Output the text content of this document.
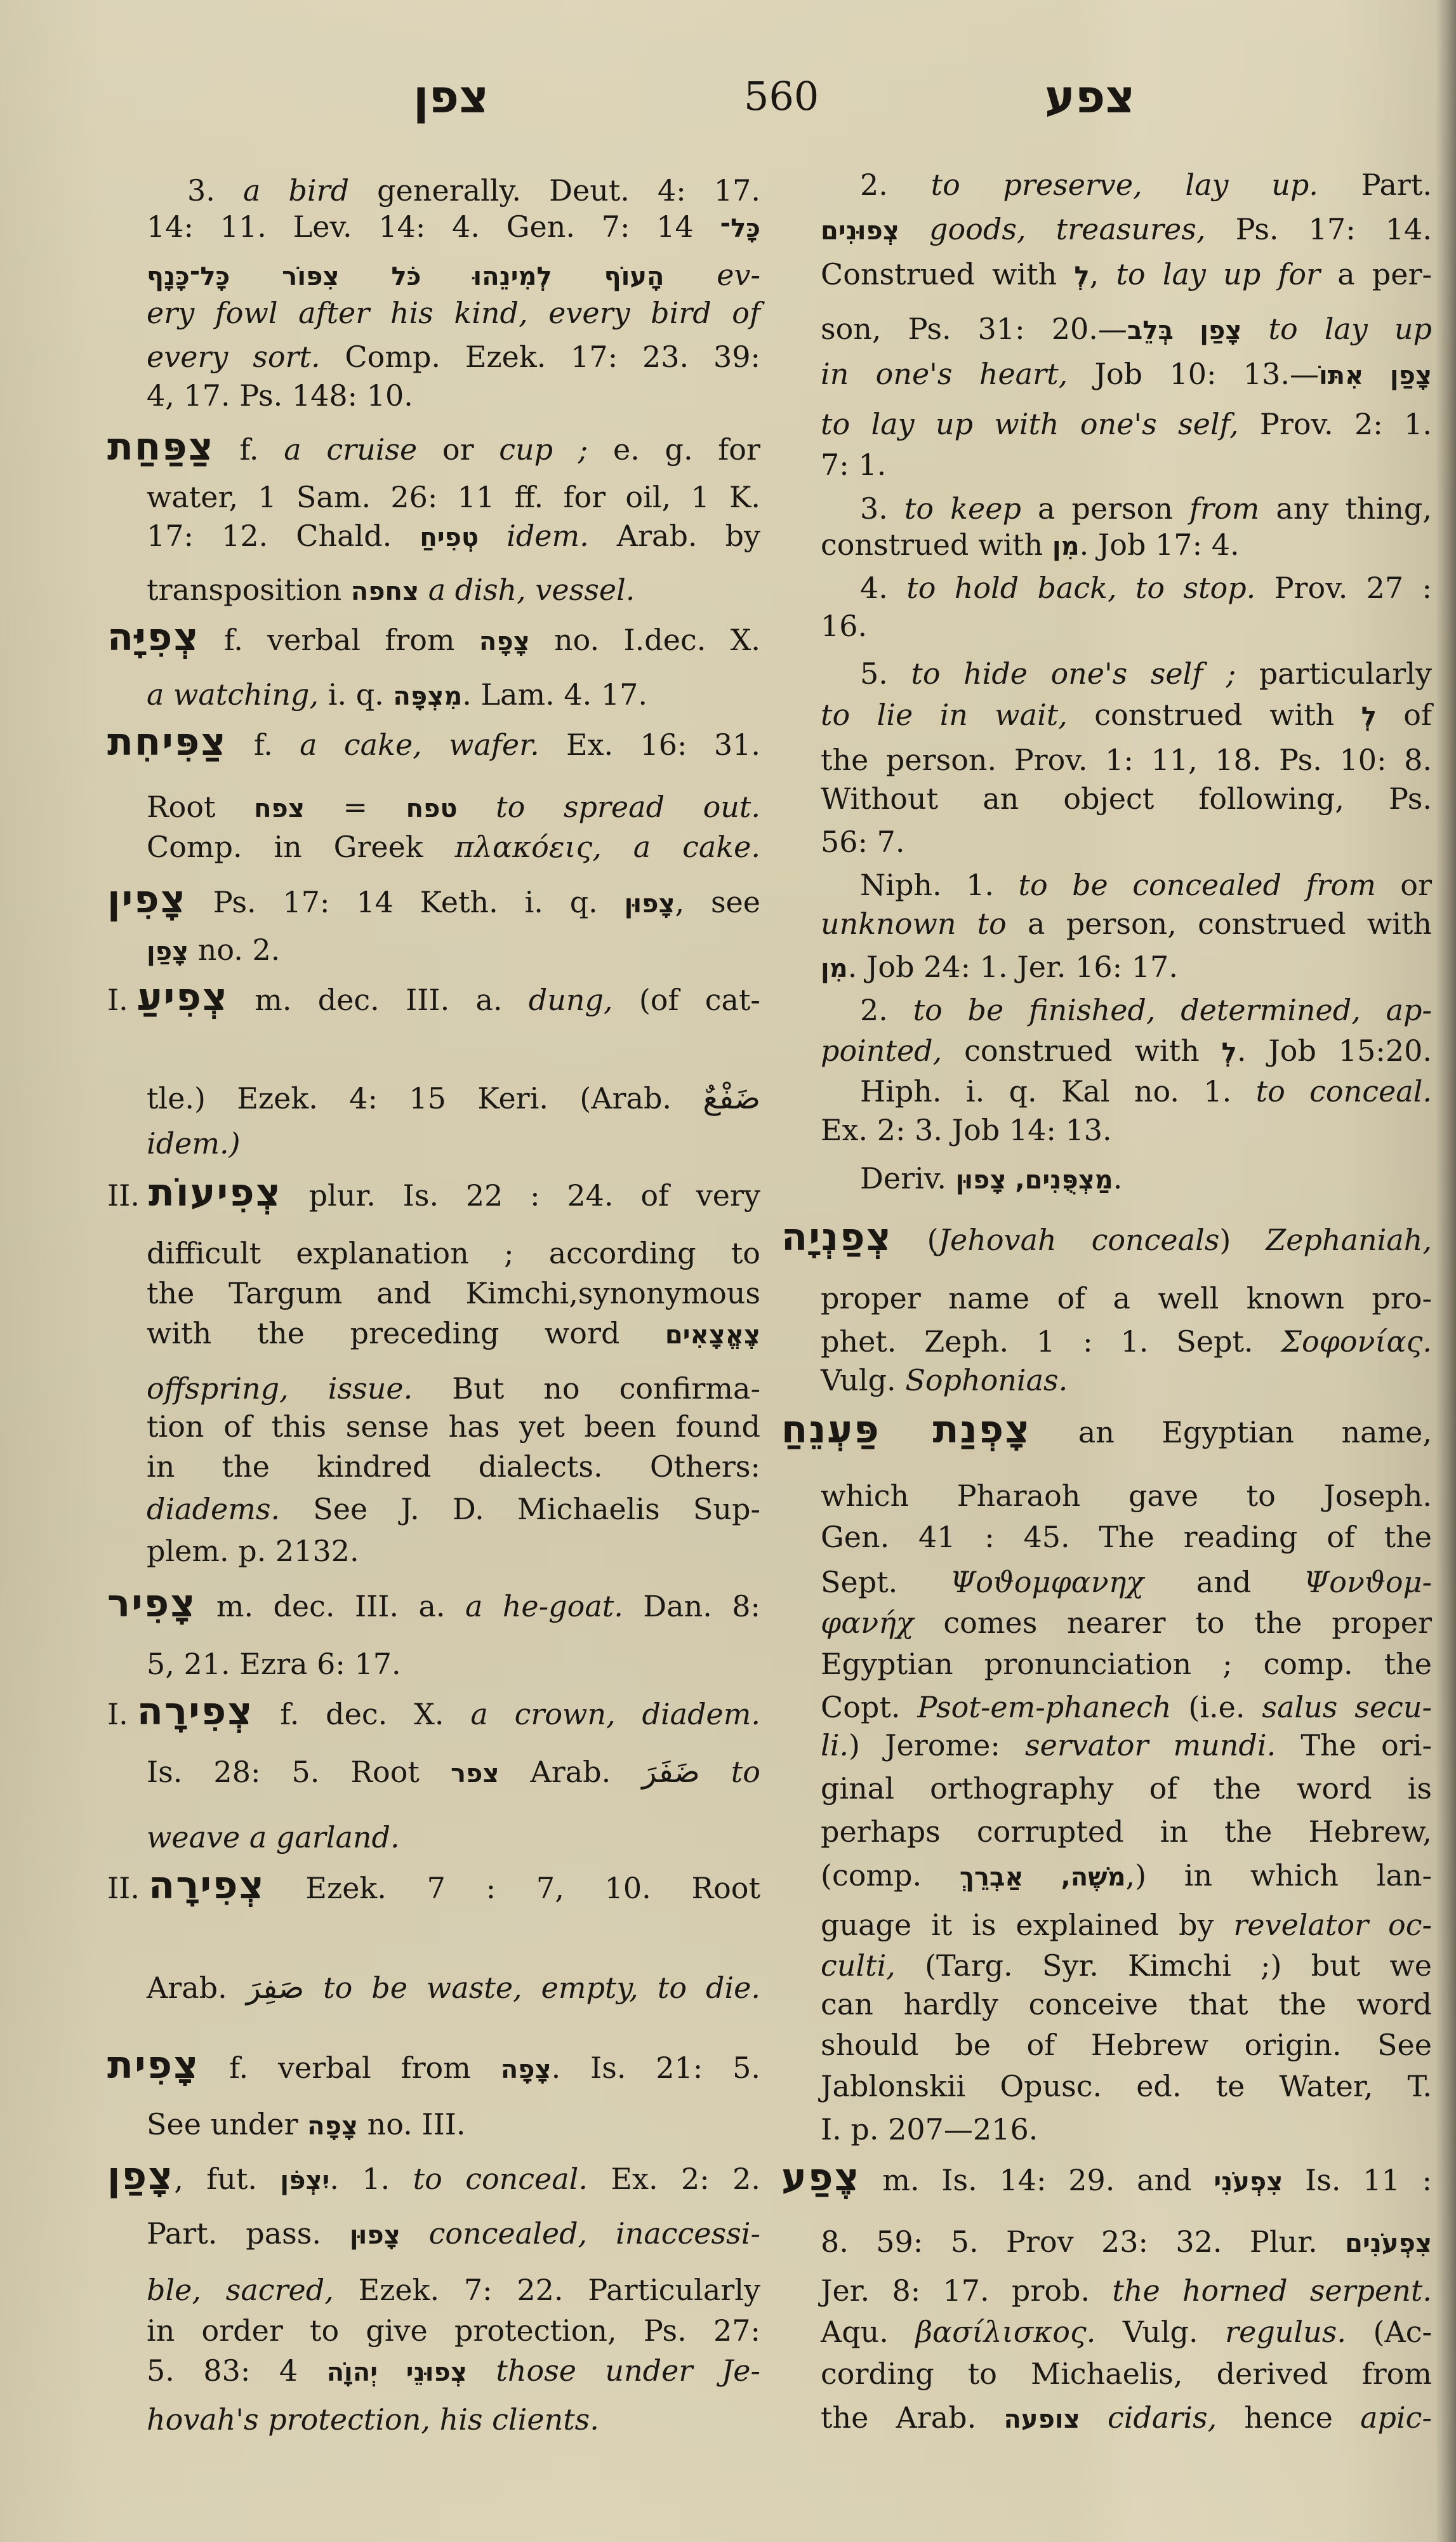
צפן	560	צפע
3. a bird generally. Deut. 4: 17.
14: 11. Lev. 14: 4. Gen. 7: 14 כָּל־
הָעוֹף לְמִינֵהוּ כֹּל צִפּוֹר כָּל־כָּנָף ev-
ery fowl after his kind, every bird of
every sort. Comp. Ezek. 17: 23. 39:
4, 17. Ps. 148: 10.
צַפַּחַת f. a cruise or cup ; e. g. for
water, 1 Sam. 26: 11 ff. for oil, 1 K.
17: 12. Chald. טְפִיחַ idem. Arab. by
transposition צחפה a dish, vessel.
צְפִיָּה f. verbal from צָפָה no. I.dec. X.
a watching, i. q. מִצְפָּה. Lam. 4. 17.
צַפִּיחִת f. a cake, wafer. Ex. 16: 31.
Root צפח = טפח to spread out.
Comp. in Greek πλακόεις, a cake.
צָפִין Ps. 17: 14 Keth. i. q. צָפוּן, see
צָפַן no. 2.
I. צְפִיעַ m. dec. III. a. dung, (of cat-
tle.) Ezek. 4: 15 Keri. (Arab. ضَفْعٌ
idem.)
II. צְפִיעוֹת plur. Is. 22 : 24. of very
difficult explanation ; according to
the Targum and Kimchi,synonymous
with the preceding word צֶאֱצָאִים
offspring, issue. But no confirma-
tion of this sense has yet been found
in the kindred dialects. Others:
diadems. See J. D. Michaelis Sup-
plem. p. 2132.
צָפִיר m. dec. III. a. a he-goat. Dan. 8:
5, 21. Ezra 6: 17.
I. צְפִירָה f. dec. X. a crown, diadem.
Is. 28: 5. Root צפר Arab. ضَفَرَ to
weave a garland.
II. צְפִירָה Ezek. 7 : 7, 10. Root
Arab. صَفِرَ to be waste, empty, to die.
צָפִית f. verbal from צָפָה. Is. 21: 5.
See under צָפָה no. III.
צָפַן, fut. יִצְפֹּן. 1. to conceal. Ex. 2: 2.
Part. pass. צָפוּן concealed, inaccessi-
ble, sacred, Ezek. 7: 22. Particularly
in order to give protection, Ps. 27:
5. 83: 4 צְפוּנֵי יְהוָֹה those under Je-
hovah's protection, his clients.
2. to preserve, lay up. Part.
צְפוּנִים goods, treasures, Ps. 17: 14.
Construed with לְ, to lay up for a per-
son, Ps. 31: 20.—צָפַן בְּלֵב to lay up
in one's heart, Job 10: 13.—צָפַן אִתּוֹ
to lay up with one's self, Prov. 2: 1.
7: 1.
3. to keep a person from any thing,
construed with מִן. Job 17: 4.
4. to hold back, to stop. Prov. 27 :
16.
5. to hide one's self ; particularly
to lie in wait, construed with לְ of
the person. Prov. 1: 11, 18. Ps. 10: 8.
Without an object following, Ps.
56: 7.
Niph. 1. to be concealed from or
unknown to a person, construed with
מִן. Job 24: 1. Jer. 16: 17.
2. to be finished, determined, ap-
pointed, construed with לְ. Job 15:20.
Hiph. i. q. Kal no. 1. to conceal.
Ex. 2: 3. Job 14: 13.
Deriv. מַצְפֻּנִים, צָפוּן.
צְפַנְיָה (Jehovah conceals) Zephaniah,
proper name of a well known pro-
phet. Zeph. 1 : 1. Sept. Σοφονίας.
Vulg. Sophonias.
צָפְנַת פַּעְנֵחַ an Egyptian name,
which Pharaoh gave to Joseph.
Gen. 41 : 45. The reading of the
Sept. Ψοϑομφανηχ and Ψονϑομ-
φανήχ comes nearer to the proper
Egyptian pronunciation ; comp. the
Copt. Psot-em-phanech (i.e. salus secu-
li.) Jerome: servator mundi. The ori-
ginal orthography of the word is
perhaps corrupted in the Hebrew,
(comp. מֹשֶׁה, אַבְרֵךְ,) in which lan-
guage it is explained by revelator oc-
culti, (Targ. Syr. Kimchi ;) but we
can hardly conceive that the word
should be of Hebrew origin. See
Jablonskii Opusc. ed. te Water, T.
I. p. 207—216.
צֶפַע m. Is. 14: 29. and צִפְעֹנִי Is. 11 :
8. 59: 5. Prov 23: 32. Plur. צִפְעֹנִים
Jer. 8: 17. prob. the horned serpent.
Aqu. βασίλισκος. Vulg. regulus. (Ac-
cording to Michaelis, derived from
the Arab. צופעה cidaris, hence apic-
